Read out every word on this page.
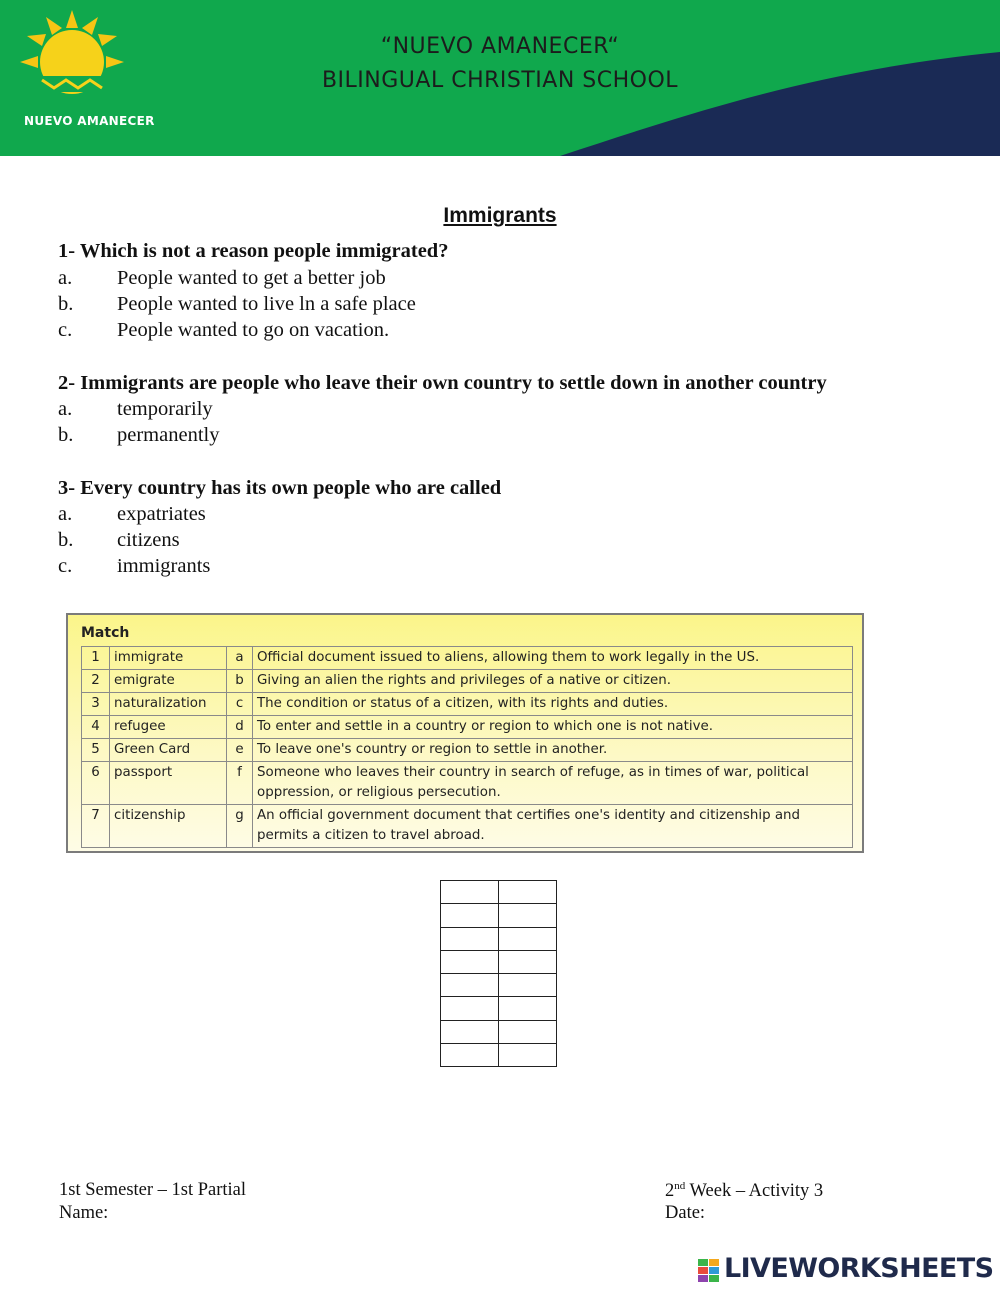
NUEVO AMANECER
“NUEVO AMANECER“
BILINGUAL CHRISTIAN SCHOOL
Immigrants
1- Which is not a reason people immigrated?
a. People wanted to get a better job
b. People wanted to live ln a safe place
c. People wanted to go on vacation.
2- Immigrants are people who leave their own country to settle down in another country
a. temporarily
b. permanently
3- Every country has its own people who are called
a. expatriates
b. citizens
c. immigrants
Match
1	immigrate	a	Official document issued to aliens, allowing them to work legally in the US.
2	emigrate	b	Giving an alien the rights and privileges of a native or citizen.
3	naturalization	c	The condition or status of a citizen, with its rights and duties.
4	refugee	d	To enter and settle in a country or region to which one is not native.
5	Green Card	e	To leave one's country or region to settle in another.
6	passport	f	Someone who leaves their country in search of refuge, as in times of war, political oppression, or religious persecution.
7	citizenship	g	An official government document that certifies one's identity and citizenship and permits a citizen to travel abroad.

1st Semester – 1st Partial
Name:
2nd Week – Activity 3
Date:
LIVEWORKSHEETS
